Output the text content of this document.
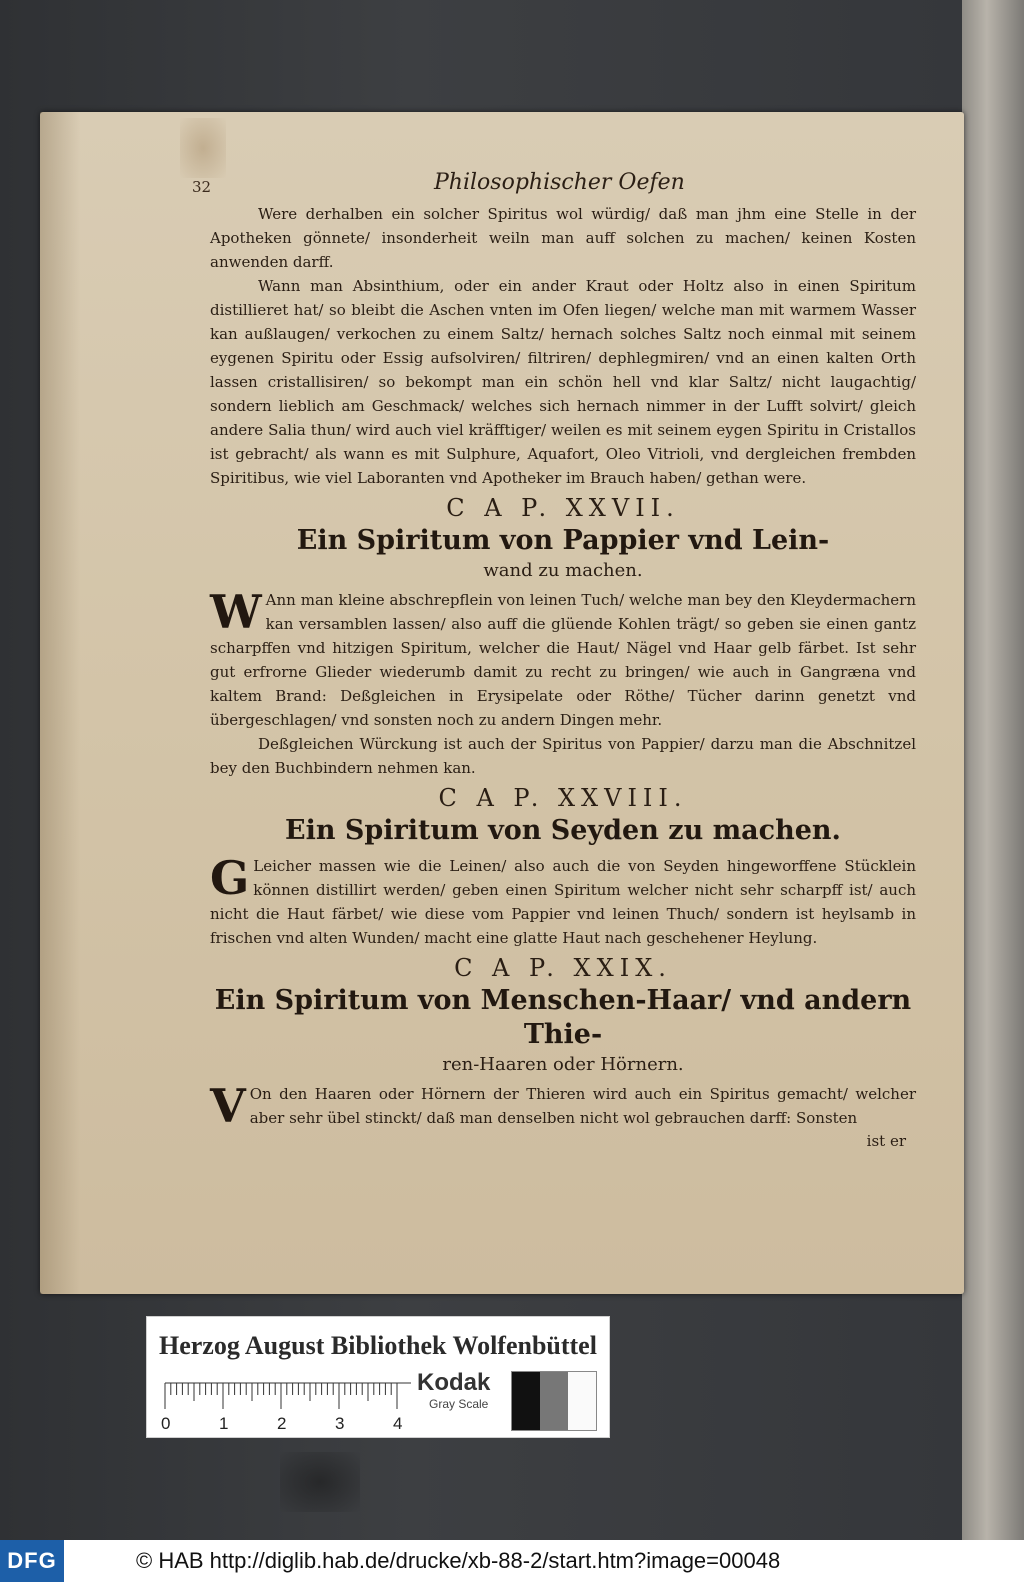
32	Philosophischer Oefen

Were derhalben ein solcher Spiritus wol würdig/ daß man jhm eine Stelle in der Apotheken gönnete/ insonderheit weiln man auff solchen zu machen/ keinen Kosten anwenden darff.

Wann man Absinthium, oder ein ander Kraut oder Holtz also in einen Spiritum distillieret hat/ so bleibt die Aschen vnten im Ofen liegen/ welche man mit warmem Wasser kan außlaugen/ verkochen zu einem Saltz/ hernach solches Saltz noch einmal mit seinem eygenen Spiritu oder Essig aufsolviren/ filtriren/ dephlegmiren/ vnd an einen kalten Orth lassen cristallisiren/ so bekompt man ein schön hell vnd klar Saltz/ nicht laugachtig/ sondern lieblich am Geschmack/ welches sich hernach nimmer in der Lufft solvirt/ gleich andere Salia thun/ wird auch viel kräfftiger/ weilen es mit seinem eygen Spiritu in Cristallos ist gebracht/ als wann es mit Sulphure, Aquafort, Oleo Vitrioli, vnd dergleichen frembden Spiritibus, wie viel Laboranten vnd Apotheker im Brauch haben/ gethan were.

C A P. XXVII.
Ein Spiritum von Pappier vnd Lein-
wand zu machen.

W Ann man kleine abschrepflein von leinen Tuch/ welche man bey den Kleydermachern kan versamblen lassen/ also auff die glüende Kohlen trägt/ so geben sie einen gantz scharpffen vnd hitzigen Spiritum, welcher die Haut/ Nägel vnd Haar gelb färbet. Ist sehr gut erfrorne Glieder wiederumb damit zu recht zu bringen/ wie auch in Gangræna vnd kaltem Brand: Deßgleichen in Erysipelate oder Röthe/ Tücher darinn genetzt vnd übergeschlagen/ vnd sonsten noch zu andern Dingen mehr.

Deßgleichen Würckung ist auch der Spiritus von Pappier/ darzu man die Abschnitzel bey den Buchbindern nehmen kan.

C A P. XXVIII.
Ein Spiritum von Seyden zu machen.

G Leicher massen wie die Leinen/ also auch die von Seyden hingeworffene Stücklein können distillirt werden/ geben einen Spiritum welcher nicht sehr scharpff ist/ auch nicht die Haut färbet/ wie diese vom Pappier vnd leinen Thuch/ sondern ist heylsamb in frischen vnd alten Wunden/ macht eine glatte Haut nach geschehener Heylung.

C A P. XXIX.
Ein Spiritum von Menschen-Haar/ vnd andern Thie-
ren-Haaren oder Hörnern.

V On den Haaren oder Hörnern der Thieren wird auch ein Spiritus gemacht/ welcher aber sehr übel stinckt/ daß man denselben nicht wol gebrauchen darff: Sonsten

ist er
Herzog August Bibliothek Wolfenbüttel
0	1	2	3	4
Kodak
Gray Scale
DFG	© HAB http://diglib.hab.de/drucke/xb-88-2/start.htm?image=00048
